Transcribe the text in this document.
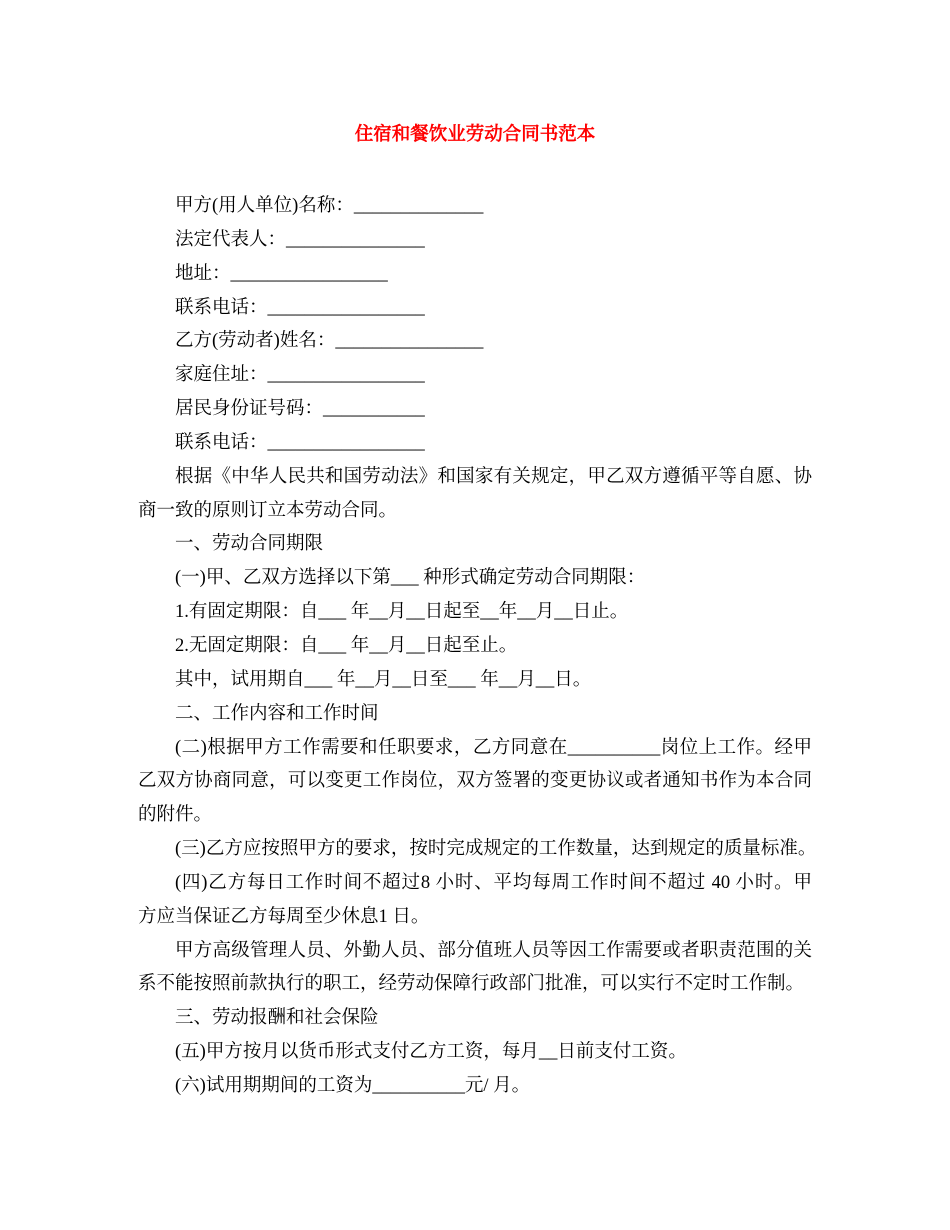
住宿和餐饮业劳动合同书范本
甲方(用人单位)名称：______________
法定代表人：_______________
地址：_________________
联系电话：_________________
乙方(劳动者)姓名：________________
家庭住址：_________________
居民身份证号码：___________
联系电话：_________________
根据《中华人民共和国劳动法》和国家有关规定，甲乙双方遵循平等自愿、协
商一致的原则订立本劳动合同。
一、劳动合同期限
(一)甲、乙双方选择以下第___ 种形式确定劳动合同期限：
1.有固定期限：自___ 年__月__日起至__年__月__日止。
2.无固定期限：自___ 年__月__日起至止。
其中，试用期自___ 年__月__日至___ 年__月__日。
二、工作内容和工作时间
(二)根据甲方工作需要和任职要求，乙方同意在__________岗位上工作。经甲
乙双方协商同意，可以变更工作岗位，双方签署的变更协议或者通知书作为本合同
的附件。
(三)乙方应按照甲方的要求，按时完成规定的工作数量，达到规定的质量标准。
(四)乙方每日工作时间不超过8 小时、平均每周工作时间不超过 40 小时。甲
方应当保证乙方每周至少休息1 日。
甲方高级管理人员、外勤人员、部分值班人员等因工作需要或者职责范围的关
系不能按照前款执行的职工，经劳动保障行政部门批准，可以实行不定时工作制。
三、劳动报酬和社会保险
(五)甲方按月以货币形式支付乙方工资，每月__日前支付工资。
(六)试用期期间的工资为__________元/ 月。
